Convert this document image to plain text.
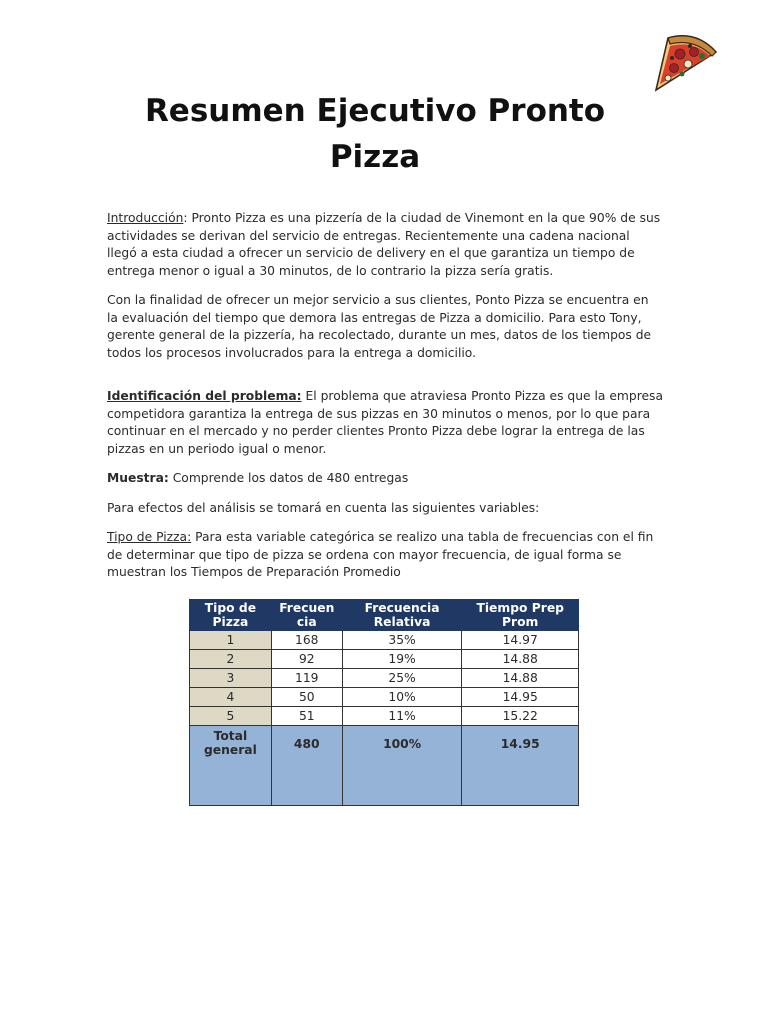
Resumen Ejecutivo Pronto Pizza

Introducción: Pronto Pizza es una pizzería de la ciudad de Vinemont en la que 90% de sus actividades se derivan del servicio de entregas. Recientemente una cadena nacional llegó a esta ciudad a ofrecer un servicio de delivery en el que garantiza un tiempo de entrega menor o igual a 30 minutos, de lo contrario la pizza sería gratis.

Con la finalidad de ofrecer un mejor servicio a sus clientes, Ponto Pizza se encuentra en la evaluación del tiempo que demora las entregas de Pizza a domicilio. Para esto Tony, gerente general de la pizzería, ha recolectado, durante un mes, datos de los tiempos de todos los procesos involucrados para la entrega a domicilio.

Identificación del problema: El problema que atraviesa Pronto Pizza es que la empresa competidora garantiza la entrega de sus pizzas en 30 minutos o menos, por lo que para continuar en el mercado y no perder clientes Pronto Pizza debe lograr la entrega de las pizzas en un periodo igual o menor.

Muestra: Comprende los datos de 480 entregas

Para efectos del análisis se tomará en cuenta las siguientes variables:

Tipo de Pizza: Para esta variable categórica se realizo una tabla de frecuencias con el fin de determinar que tipo de pizza se ordena con mayor frecuencia, de igual forma se muestran los Tiempos de Preparación Promedio

Tipo de Pizza	Frecuen cia	Frecuencia Relativa	Tiempo Prep Prom
1	168	35%	14.97
2	92	19%	14.88
3	119	25%	14.88
4	50	10%	14.95
5	51	11%	15.22
Total general	480	100%	14.95
